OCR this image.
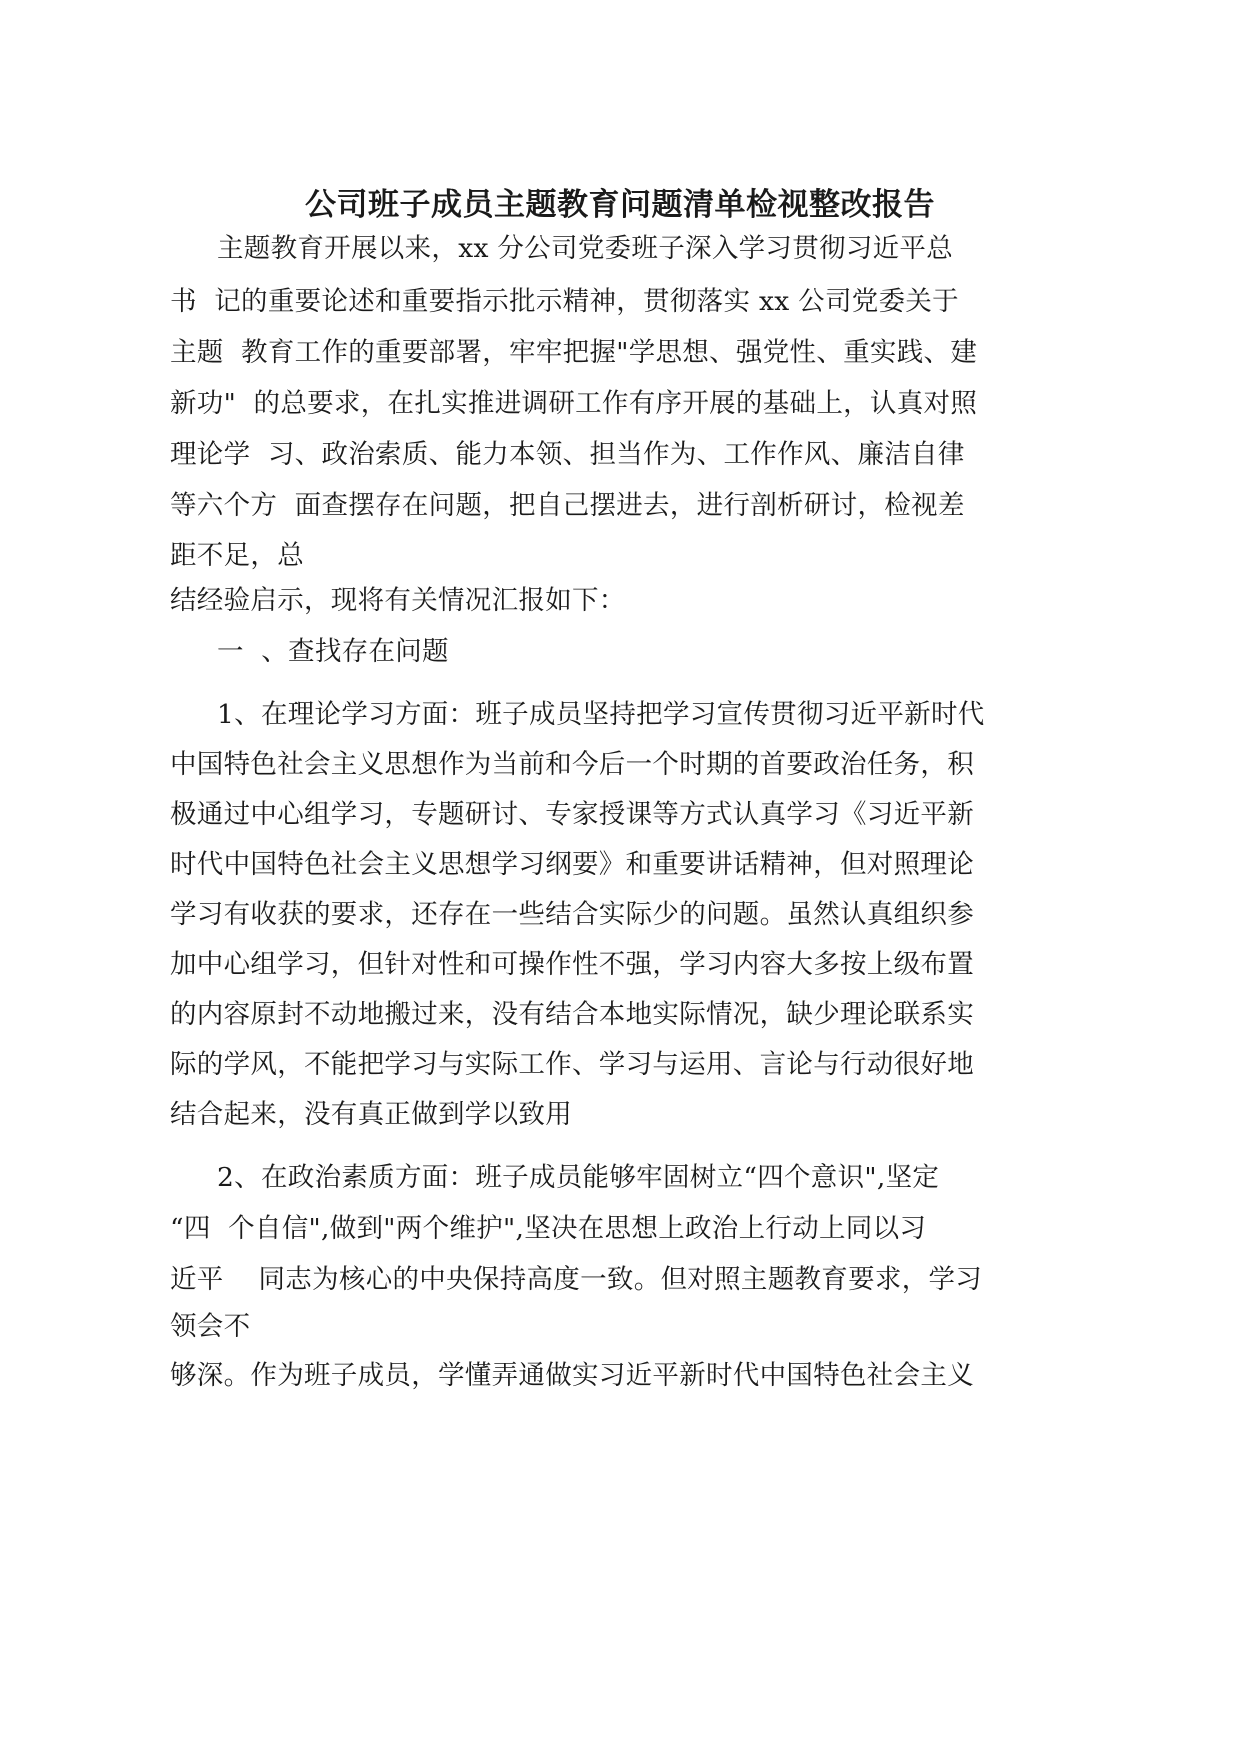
公司班子成员主题教育问题清单检视整改报告
主题教育开展以来，xx 分公司党委班子深入学习贯彻习近平总
书  记的重要论述和重要指示批示精神，贯彻落实 xx 公司党委关于
主题  教育工作的重要部署，牢牢把握"学思想、强党性、重实践、建
新功"  的总要求，在扎实推进调研工作有序开展的基础上，认真对照
理论学  习、政治索质、能力本领、担当作为、工作作风、廉洁自律
等六个方  面查摆存在问题，把自己摆进去，进行剖析研讨，检视差
距不足，总
结经验启示，现将有关情况汇报如下：
一  、查找存在问题
1、在理论学习方面：班子成员坚持把学习宣传贯彻习近平新时代
中国特色社会主义思想作为当前和今后一个时期的首要政治任务，积
极通过中心组学习，专题研讨、专家授课等方式认真学习《习近平新
时代中国特色社会主义思想学习纲要》和重要讲话精神，但对照理论
学习有收获的要求，还存在一些结合实际少的问题。虽然认真组织参
加中心组学习，但针对性和可操作性不强，学习内容大多按上级布置
的内容原封不动地搬过来，没有结合本地实际情况，缺少理论联系实
际的学风，不能把学习与实际工作、学习与运用、言论与行动很好地
结合起来，没有真正做到学以致用
2、在政治素质方面：班子成员能够牢固树立“四个意识",坚定
“四  个自信",做到"两个维护",坚决在思想上政治上行动上同以习
近平    同志为核心的中央保持高度一致。但对照主题教育要求，学习
领会不
够深。作为班子成员，学懂弄通做实习近平新时代中国特色社会主义
